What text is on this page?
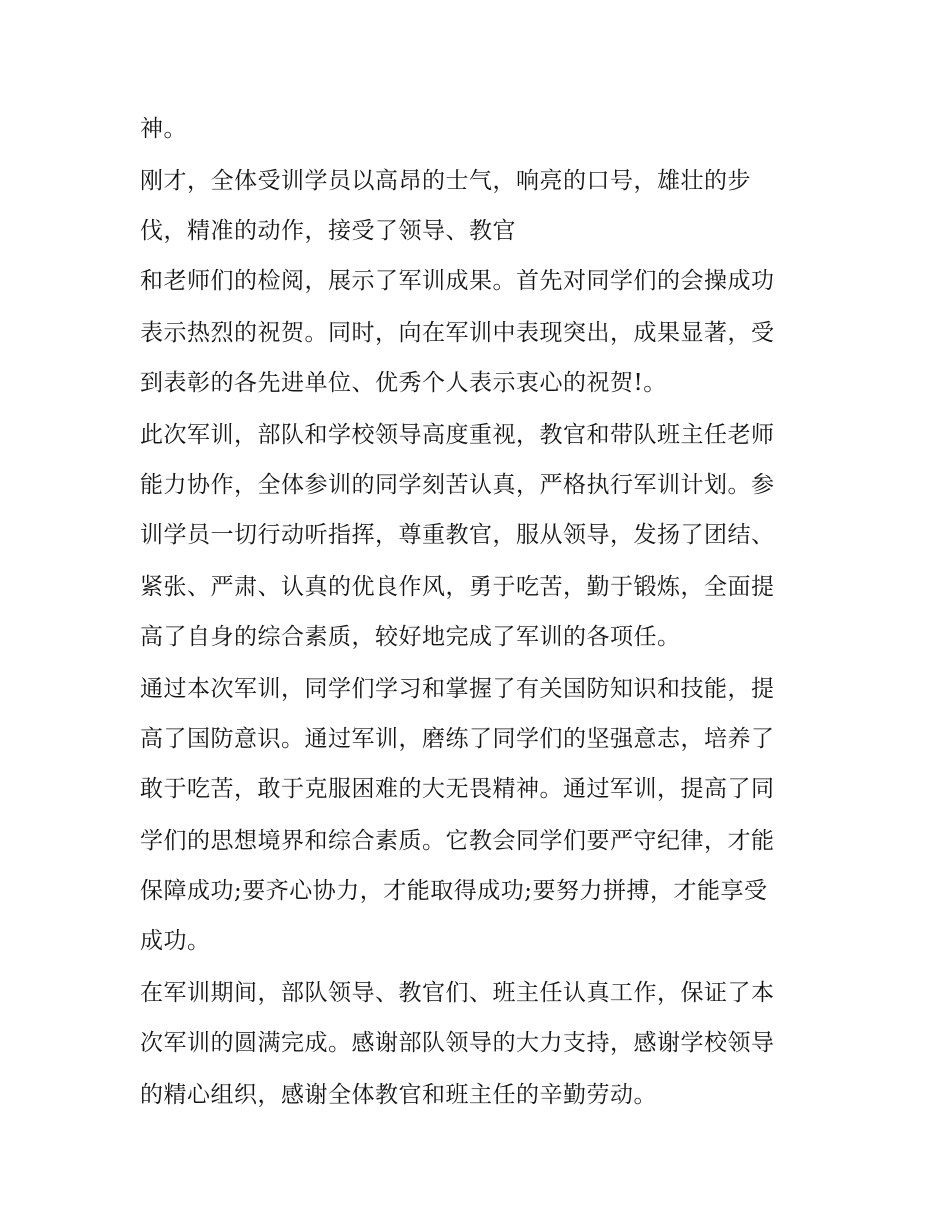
神。

刚才，全体受训学员以高昂的士气，响亮的口号，雄壮的步

伐，精准的动作，接受了领导、教官

和老师们的检阅，展示了军训成果。首先对同学们的会操成功

表示热烈的祝贺。同时，向在军训中表现突出，成果显著，受

到表彰的各先进单位、优秀个人表示衷心的祝贺!。

此次军训，部队和学校领导高度重视，教官和带队班主任老师

能力协作，全体参训的同学刻苦认真，严格执行军训计划。参

训学员一切行动听指挥，尊重教官，服从领导，发扬了团结、

紧张、严肃、认真的优良作风，勇于吃苦，勤于锻炼，全面提

高了自身的综合素质，较好地完成了军训的各项任。

通过本次军训，同学们学习和掌握了有关国防知识和技能，提

高了国防意识。通过军训，磨练了同学们的坚强意志，培养了

敢于吃苦，敢于克服困难的大无畏精神。通过军训，提高了同

学们的思想境界和综合素质。它教会同学们要严守纪律，才能

保障成功;要齐心协力，才能取得成功;要努力拼搏，才能享受

成功。

在军训期间，部队领导、教官们、班主任认真工作，保证了本

次军训的圆满完成。感谢部队领导的大力支持，感谢学校领导

的精心组织，感谢全体教官和班主任的辛勤劳动。
